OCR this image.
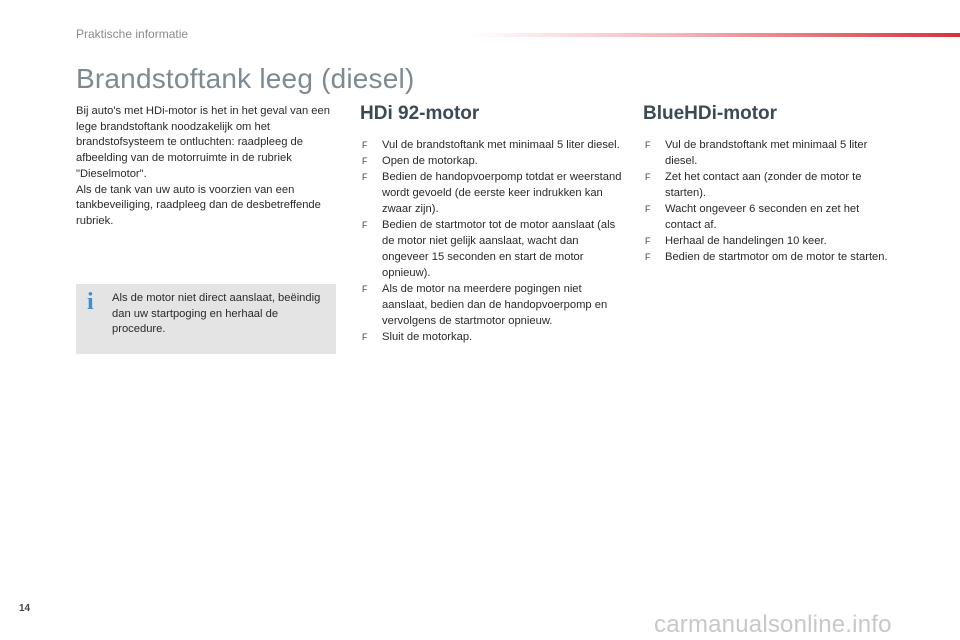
Praktische informatie
Brandstoftank leeg (diesel)

Bij auto's met HDi-motor is het in het geval van een lege brandstoftank noodzakelijk om het brandstofsysteem te ontluchten: raadpleeg de afbeelding van de motorruimte in de rubriek "Dieselmotor".

Als de tank van uw auto is voorzien van een tankbeveiliging, raadpleeg dan de desbetreffende rubriek.

i Als de motor niet direct aanslaat, beëindig dan uw startpoging en herhaal de procedure.
HDi 92-motor
F Vul de brandstoftank met minimaal 5 liter diesel.
F Open de motorkap.
F Bedien de handopvoerpomp totdat er weerstand wordt gevoeld (de eerste keer indrukken kan zwaar zijn).
F Bedien de startmotor tot de motor aanslaat (als de motor niet gelijk aanslaat, wacht dan ongeveer 15 seconden en start de motor opnieuw).
F Als de motor na meerdere pogingen niet aanslaat, bedien dan de handopvoerpomp en vervolgens de startmotor opnieuw.
F Sluit de motorkap.
BlueHDi-motor
F Vul de brandstoftank met minimaal 5 liter diesel.
F Zet het contact aan (zonder de motor te starten).
F Wacht ongeveer 6 seconden en zet het contact af.
F Herhaal de handelingen 10 keer.
F Bedien de startmotor om de motor te starten.
14
carmanualsonline.info
